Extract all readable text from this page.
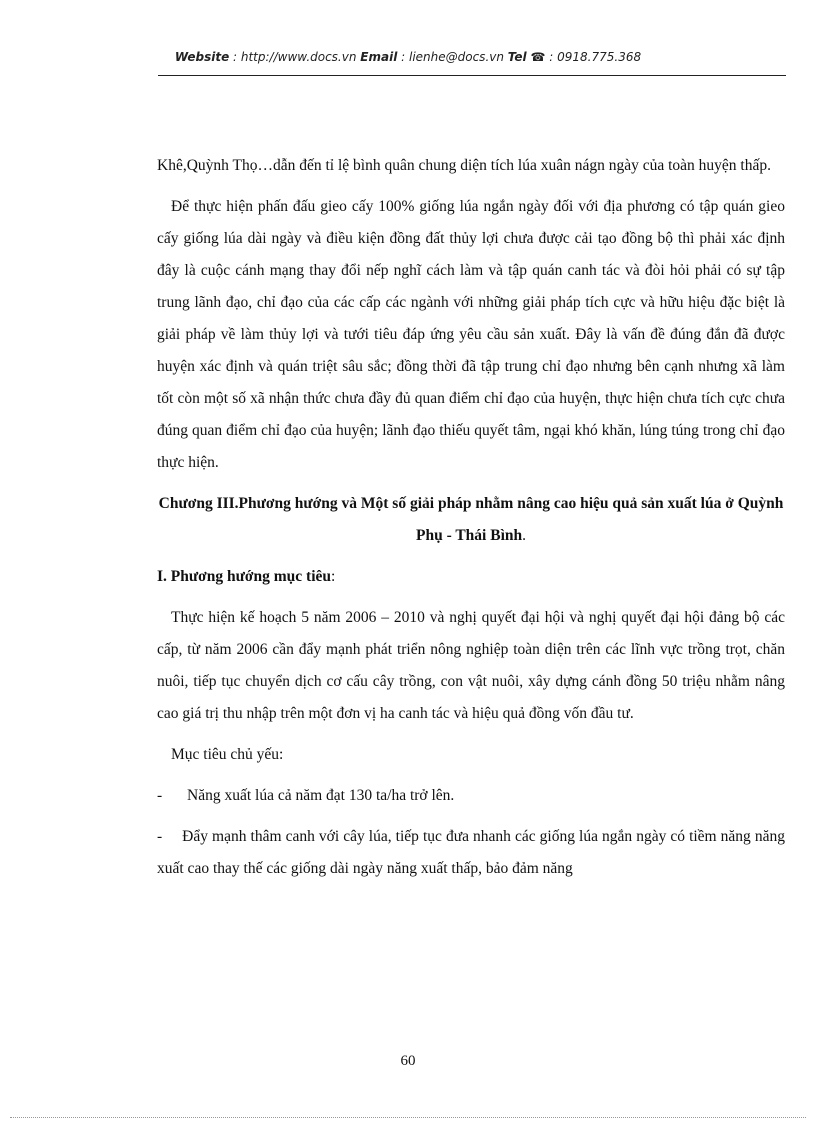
Website : http://www.docs.vn Email : lienhe@docs.vn Tel ☎ : 0918.775.368

Khê,Quỳnh Thọ…dẫn đến tỉ lệ bình quân chung diện tích lúa xuân nágn ngày của toàn huyện thấp.

Để thực hiện phấn đấu gieo cấy 100% giống lúa ngắn ngày đối với địa phương có tập quán gieo cấy giống lúa dài ngày và điều kiện đồng đất thủy lợi chưa được cải tạo đồng bộ thì phải xác định đây là cuộc cánh mạng thay đổi nếp nghĩ cách làm và tập quán canh tác và đòi hỏi phải có sự tập trung lãnh đạo, chỉ đạo của các cấp các ngành với những giải pháp tích cực và hữu hiệu đặc biệt là giải pháp về làm thủy lợi và tưới tiêu đáp ứng yêu cầu sản xuất. Đây là vấn đề đúng đắn đã được huyện xác định và quán triệt sâu sắc; đồng thời đã tập trung chỉ đạo nhưng bên cạnh nhưng xã làm tốt còn một số xã nhận thức chưa đầy đủ quan điểm chỉ đạo của huyện, thực hiện chưa tích cực chưa đúng quan điểm chỉ đạo của huyện; lãnh đạo thiếu quyết tâm, ngại khó khăn, lúng túng trong chỉ đạo thực hiện.

Chương III.Phương hướng và Một số giải pháp nhằm nâng cao hiệu quả sản xuất lúa ở Quỳnh Phụ - Thái Bình.

I. Phương hướng mục tiêu:

Thực hiện kế hoạch 5 năm 2006 – 2010 và nghị quyết đại hội và nghị quyết đại hội đảng bộ các cấp, từ năm 2006 cần đẩy mạnh phát triển nông nghiệp toàn diện trên các lĩnh vực trồng trọt, chăn nuôi, tiếp tục chuyển dịch cơ cấu cây trồng, con vật nuôi, xây dựng cánh đồng 50 triệu nhằm nâng cao giá trị thu nhập trên một đơn vị ha canh tác và hiệu quả đồng vốn đầu tư.

Mục tiêu chủ yếu:

-	Năng xuất lúa cả năm đạt 130 ta/ha trở lên.
- Đẩy mạnh thâm canh với cây lúa, tiếp tục đưa nhanh các giống lúa ngắn ngày có tiềm năng năng xuất cao thay thế các giống dài ngày năng xuất thấp, bảo đảm năng
60
